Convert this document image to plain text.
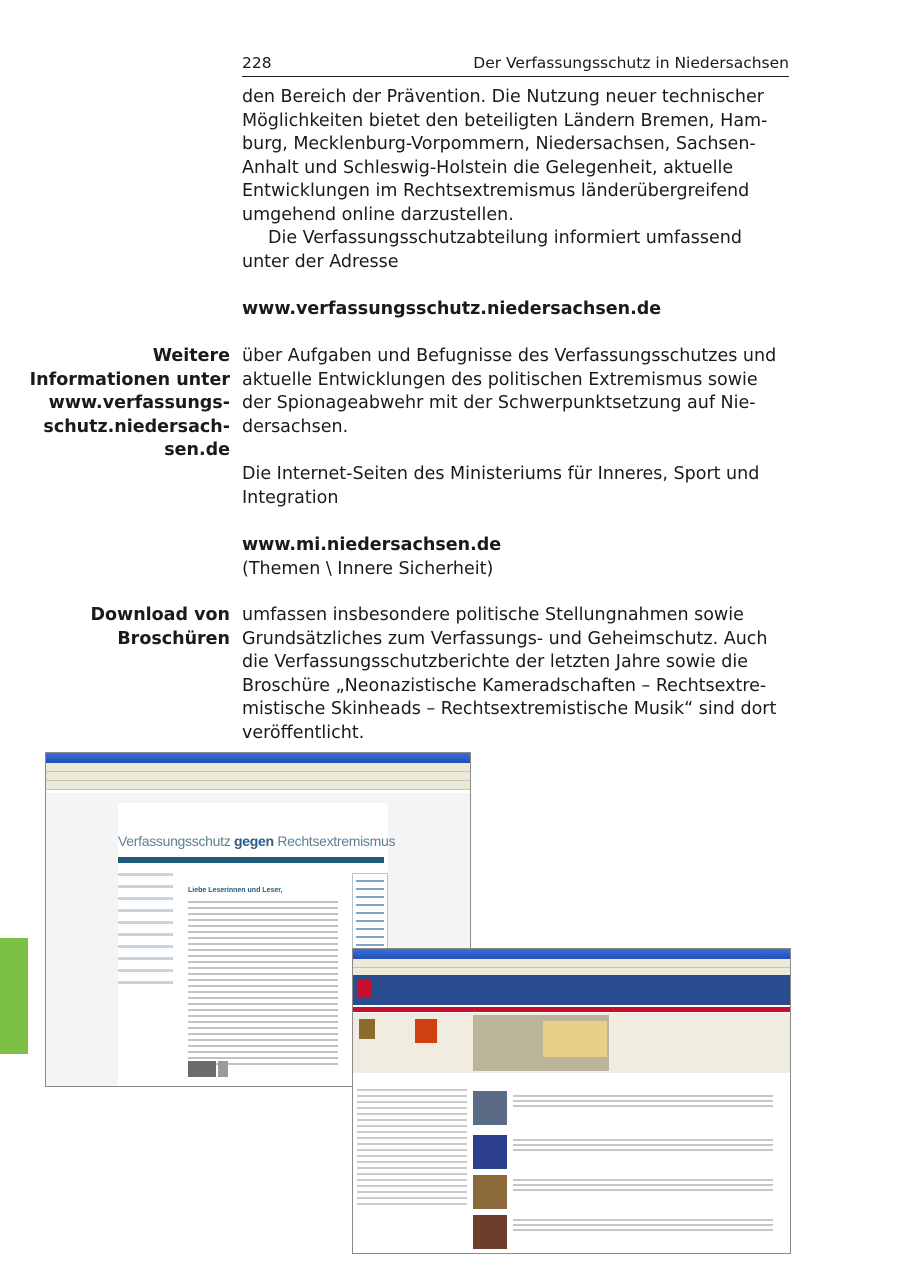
228	Der Verfassungsschutz in Niedersachsen

den Bereich der Prävention. Die Nutzung neuer technischer

Möglichkeiten bietet den beteiligten Ländern Bremen, Ham-

burg, Mecklenburg-Vorpommern, Niedersachsen, Sachsen-

Anhalt und Schleswig-Holstein die Gelegenheit, aktuelle

Entwicklungen im Rechtsextremismus länderübergreifend

umgehend online darzustellen.

Die Verfassungsschutzabteilung informiert umfassend

unter der Adresse

www.verfassungsschutz.niedersachsen.de
Weitere
Informationen unter
www.verfassungs-
schutz.niedersach-
sen.de

über Aufgaben und Befugnisse des Verfassungsschutzes und

aktuelle Entwicklungen des politischen Extremismus sowie

der Spionageabwehr mit der Schwerpunktsetzung auf Nie-

dersachsen.

Die Internet-Seiten des Ministeriums für Inneres, Sport und

Integration

www.mi.niedersachsen.de

(Themen \ Innere Sicherheit)

Download von
Broschüren

umfassen insbesondere politische Stellungnahmen sowie

Grundsätzliches zum Verfassungs- und Geheimschutz. Auch

die Verfassungsschutzberichte der letzten Jahre sowie die

Broschüre „Neonazistische Kameradschaften – Rechtsextre-

mistische Skinheads – Rechtsextremistische Musik“ sind dort

veröffentlicht.

Verfassungsschutz gegen Rechtsextremismus
Liebe Leserinnen und Leser,
